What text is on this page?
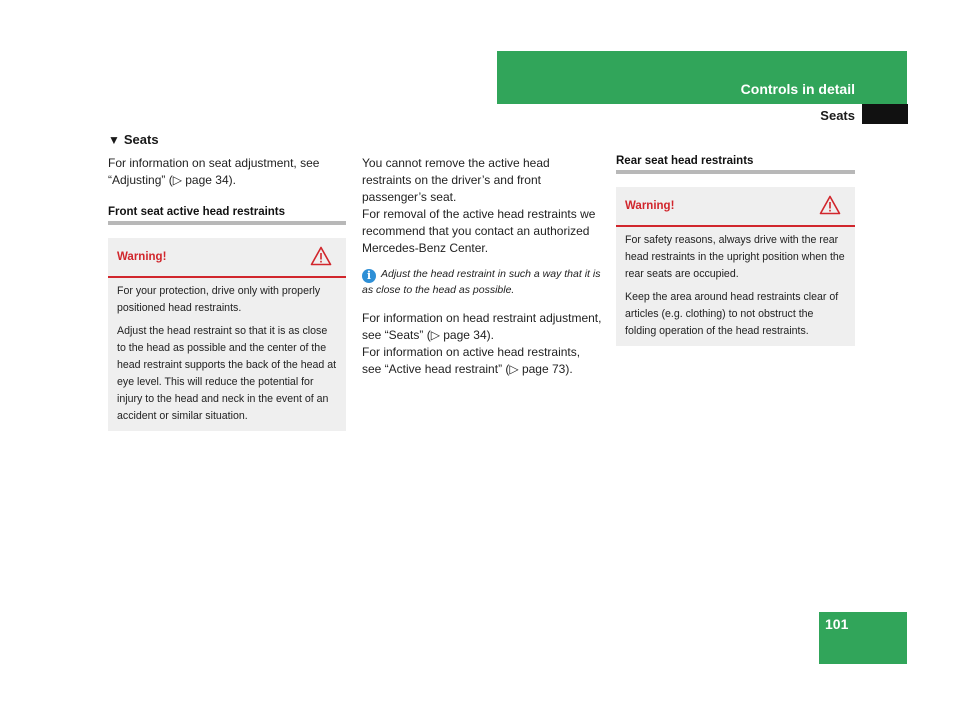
Controls in detail
Seats
▼ Seats
For information on seat adjustment, see “Adjusting” (▷ page 34).
Front seat active head restraints
Warning!

For your protection, drive only with properly positioned head restraints.

Adjust the head restraint so that it is as close to the head as possible and the center of the head restraint supports the back of the head at eye level. This will reduce the potential for injury to the head and neck in the event of an accident or similar situation.

You cannot remove the active head restraints on the driver’s and front passenger’s seat.
For removal of the active head restraints we recommend that you contact an authorized Mercedes-Benz Center.
i Adjust the head restraint in such a way that it is as close to the head as possible.
For information on head restraint adjustment, see “Seats” (▷ page 34).
For information on active head restraints, see “Active head restraint” (▷ page 73).
Rear seat head restraints
Warning!

For safety reasons, always drive with the rear head restraints in the upright position when the rear seats are occupied.

Keep the area around head restraints clear of articles (e.g. clothing) to not obstruct the folding operation of the head restraints.

101
